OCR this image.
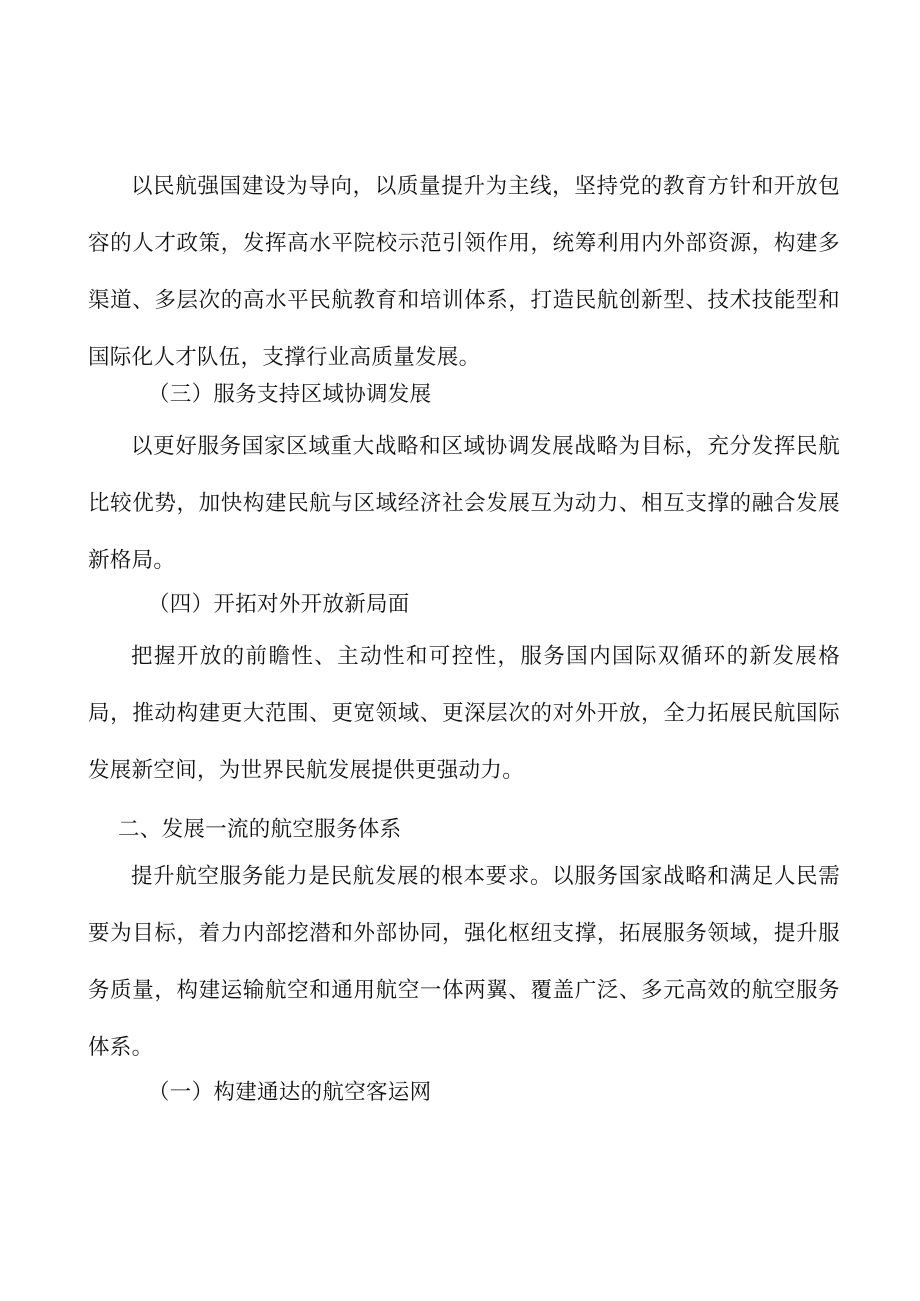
以民航强国建设为导向，以质量提升为主线，坚持党的教育方针和开放包容的人才政策，发挥高水平院校示范引领作用，统筹利用内外部资源，构建多渠道、多层次的高水平民航教育和培训体系，打造民航创新型、技术技能型和国际化人才队伍，支撑行业高质量发展。

（三）服务支持区域协调发展

以更好服务国家区域重大战略和区域协调发展战略为目标，充分发挥民航比较优势，加快构建民航与区域经济社会发展互为动力、相互支撑的融合发展新格局。

（四）开拓对外开放新局面

把握开放的前瞻性、主动性和可控性，服务国内国际双循环的新发展格局，推动构建更大范围、更宽领域、更深层次的对外开放，全力拓展民航国际发展新空间，为世界民航发展提供更强动力。

二、发展一流的航空服务体系

提升航空服务能力是民航发展的根本要求。以服务国家战略和满足人民需要为目标，着力内部挖潜和外部协同，强化枢纽支撑，拓展服务领域，提升服务质量，构建运输航空和通用航空一体两翼、覆盖广泛、多元高效的航空服务体系。

（一）构建通达的航空客运网
